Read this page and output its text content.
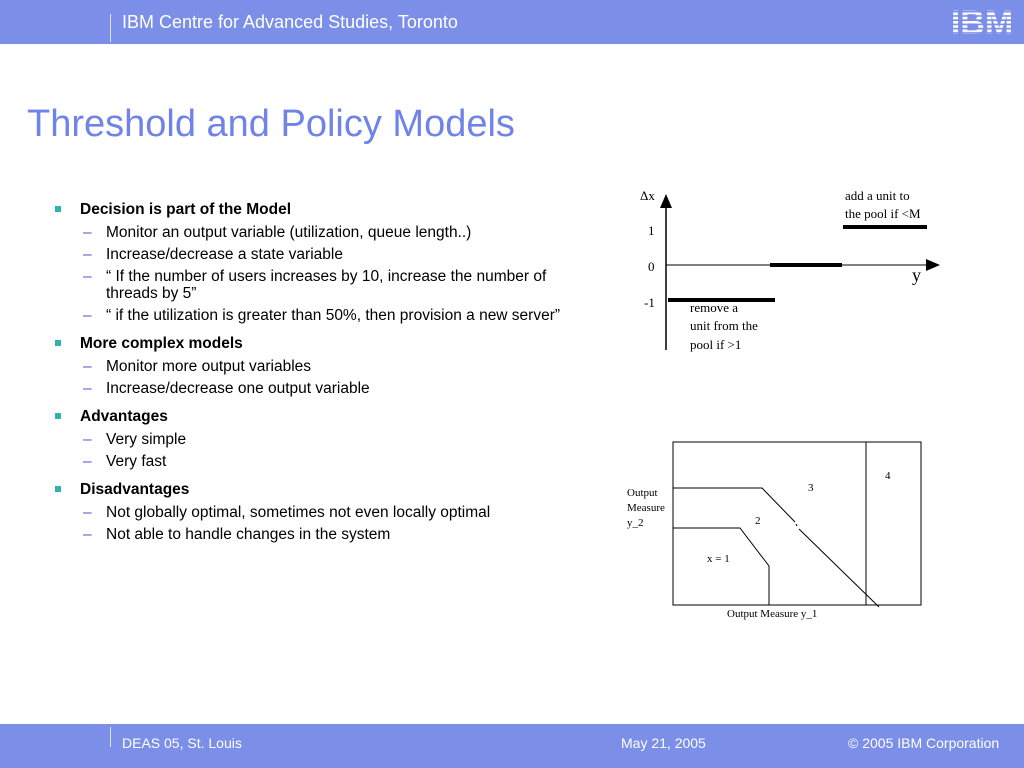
IBM Centre for Advanced Studies, Toronto	IBM
Threshold and Policy Models
Decision is part of the Model
– Monitor an output variable (utilization, queue length..)
– Increase/decrease a state variable
– “ If the number of users increases by 10, increase the number of threads by 5”
– “ if the utilization is greater than 50%, then provision a new server”
More complex models
– Monitor more output variables
– Increase/decrease one output variable
Advantages
– Very simple
– Very fast
Disadvantages
– Not globally optimal, sometimes not even locally optimal
– Not able to handle changes in the system
Δx
y
1
0
-1
add a unit to
the pool if <M
remove a
unit from the
pool if >1
Output
Measure
y_2
Output Measure y_1
x = 1
2
3
4
DEAS 05, St. Louis	May 21, 2005	© 2005 IBM Corporation
